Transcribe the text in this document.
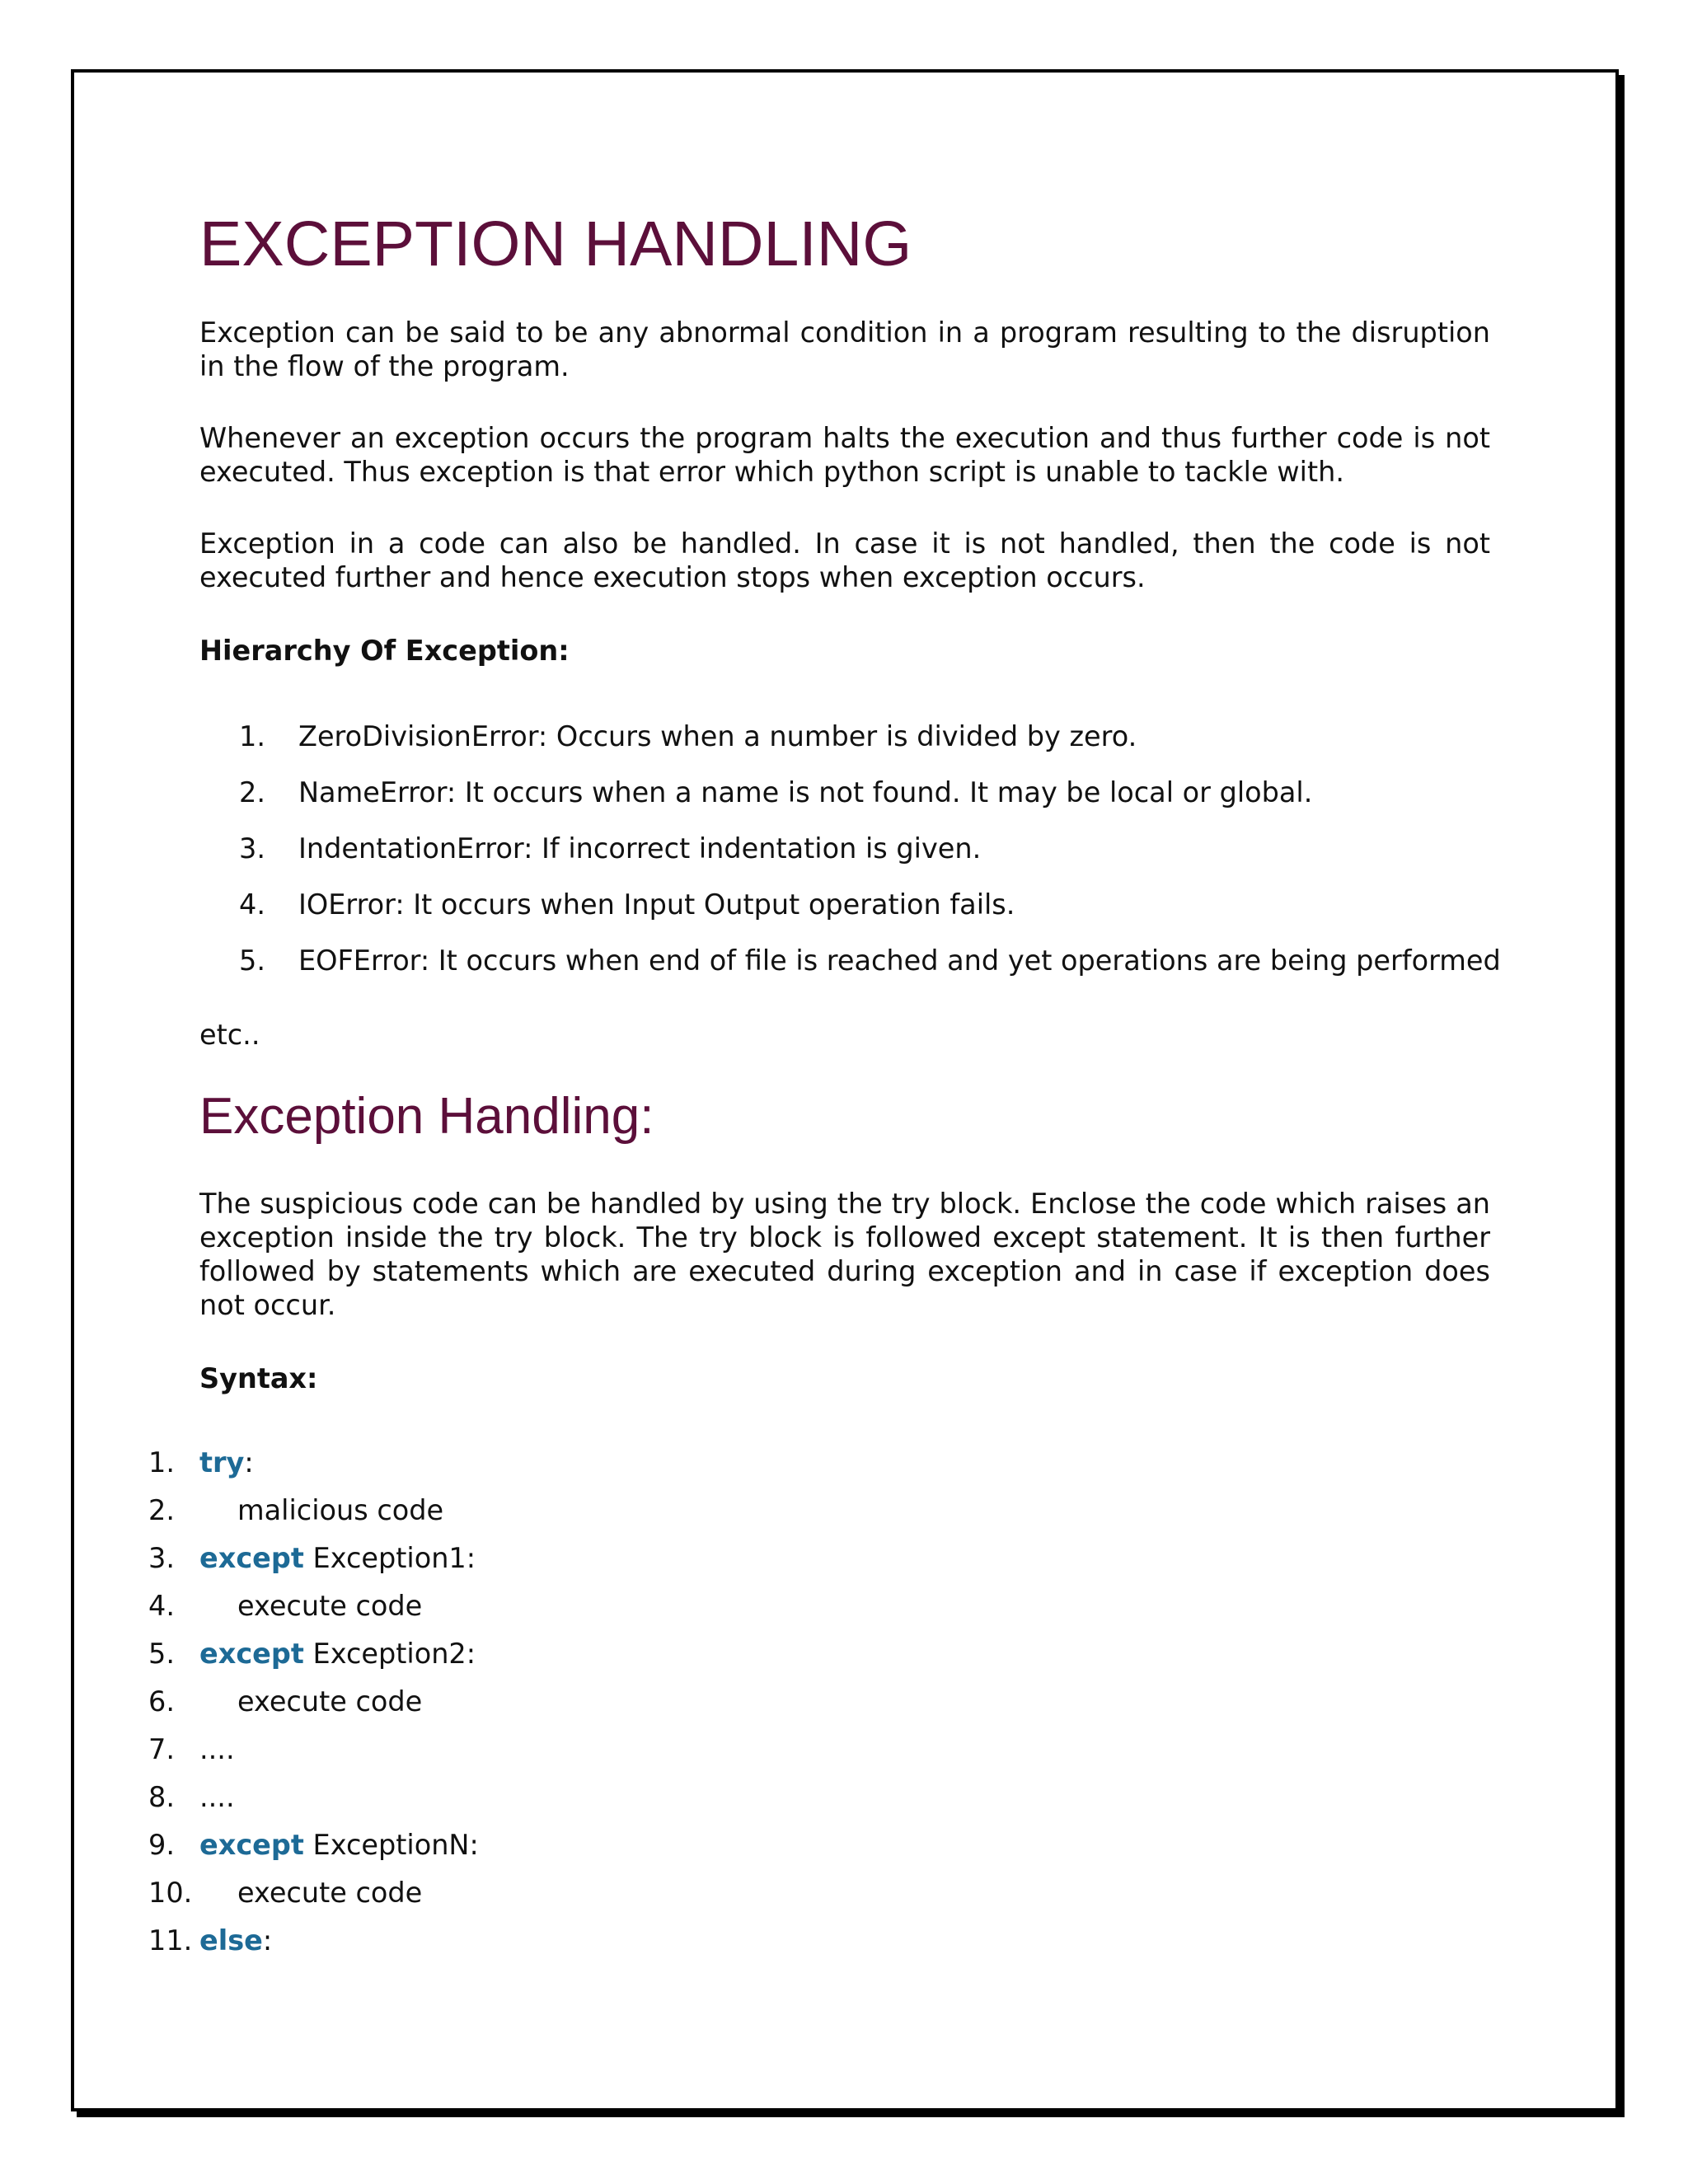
EXCEPTION HANDLING

Exception can be said to be any abnormal condition in a program resulting to the disruption in the flow of the program.

Whenever an exception occurs the program halts the execution and thus further code is not executed. Thus exception is that error which python script is unable to tackle with.

Exception in a code can also be handled. In case it is not handled, then the code is not executed further and hence execution stops when exception occurs.

Hierarchy Of Exception:

1. ZeroDivisionError: Occurs when a number is divided by zero.

2. NameError: It occurs when a name is not found. It may be local or global.

3. IndentationError: If incorrect indentation is given.

4. IOError: It occurs when Input Output operation fails.

5. EOFError: It occurs when end of file is reached and yet operations are being performed

etc..

Exception Handling:

The suspicious code can be handled by using the try block. Enclose the code which raises an exception inside the try block. The try block is followed except statement. It is then further followed by statements which are executed during exception and in case if exception does not occur.

Syntax:

1. try:

2. malicious code

3. except Exception1:

4. execute code

5. except Exception2:

6. execute code

7. ....

8. ....

9. except ExceptionN:

10. execute code

11. else:
